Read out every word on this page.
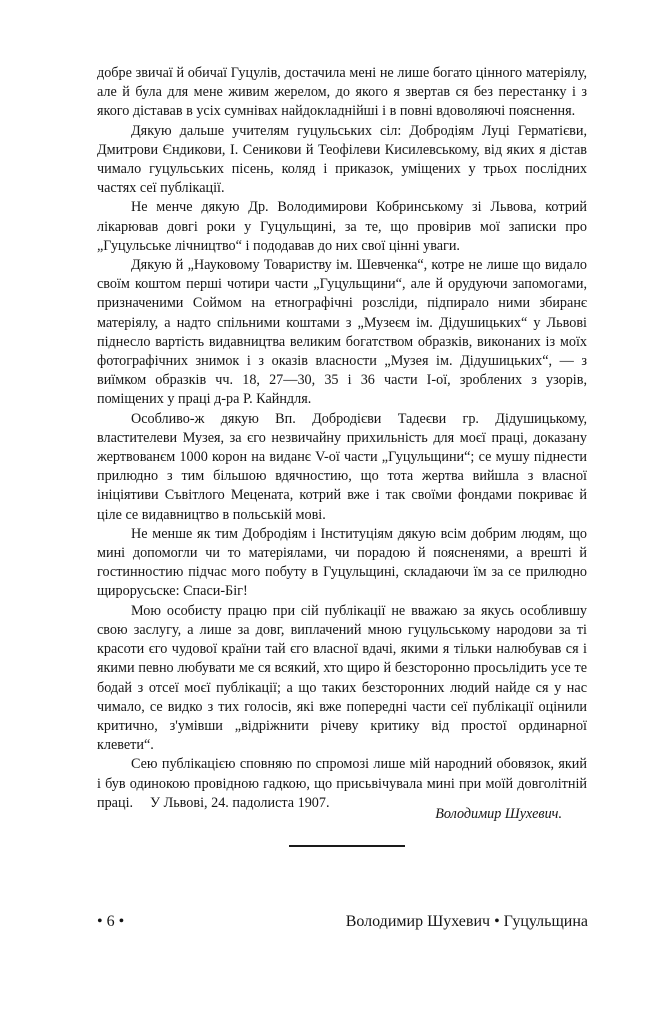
добре звичаї й обичаї Гуцулів, достачила мені не лише богато цінного матеріялу, але й була для мене живим жерелом, до якого я звертав ся без перестанку і з якого діставав в усіх сумнівах найдокладнійші і в повні вдоволяючі пояснення.

Дякую дальше учителям гуцульських сіл: Добродіям Луці Герматієви, Дмитрови Єндикови, І. Сеникови й Теофілеви Кисилевському, від яких я дістав чимало гуцульських пісень, коляд і приказок, уміщених у трьох послідних частях сеї публікації.

Не менче дякую Др. Володимирови Кобринському зі Львова, котрий лікарював довгі роки у Гуцульщині, за те, що провірив мої записки про „Гуцульське лічництво“ і пододавав до них свої цінні уваги.

Дякую й „Науковому Товариству ім. Шевченка“, котре не лише що видало своїм коштом перші чотири части „Гуцульщини“, але й орудуючи запомогами, призначеними Соймом на етнографічні розсліди, підпирало ними збиранє матеріялу, а надто спільними коштами з „Музеєм ім. Дідушицьких“ у Львові піднесло вартість видавництва великим богатством образків, виконаних із моїх фотографічних знимок і з оказів власности „Музея ім. Дідушицьких“, — з виїмком образків чч. 18, 27—30, 35 і 36 части І-ої, зроблених з узорів, поміщених у праці д-ра Р. Кайндля.

Особливо-ж дякую Вп. Добродієви Тадеєви гр. Дідушицькому, властителеви Музея, за єго незвичайну прихильність для моєї праці, доказану жертвованєм 1000 корон на виданє V-ої части „Гуцульщини“; се мушу піднести прилюдно з тим більшою вдячностию, що тота жертва вийшла з власної ініціятиви Съвітлого Мецената, котрий вже і так своїми фондами покриває й ціле се видавництво в польській мові.

Не менше як тим Добродіям і Інституціям дякую всім добрим людям, що мині допомогли чи то матеріялами, чи порадою й поясненями, а врешті й гостинностию підчас мого побуту в Гуцульщині, складаючи їм за се прилюдно щирорусьске: Спаси-Біг!

Мою особисту працю при сій публікації не вважаю за якусь особлившу свою заслугу, а лише за довг, виплачений мною гуцульському народови за ті красоти єго чудової країни тай єго власної вдачі, якими я тільки налюбував ся і якими певно любувати ме ся всякий, хто щиро й безсторонно просьлідить усе те бодай з отсеї моєї публікації; а що таких безсторонних людий найде ся у нас чимало, се видко з тих голосів, які вже попередні части сеї публікації оцінили критично, з'умівши „відріжнити річеву критику від простої ординарної клевети“.

Сею публікацією сповняю по спромозі лише мій народний обовязок, який і був одинокою провідною гадкою, що присьвічувала мині при моїй довголітній праці.	У Львові, 24. падолиста 1907.
Володимир Шухевич.
• 6 •	Володимир Шухевич • Гуцульщина
